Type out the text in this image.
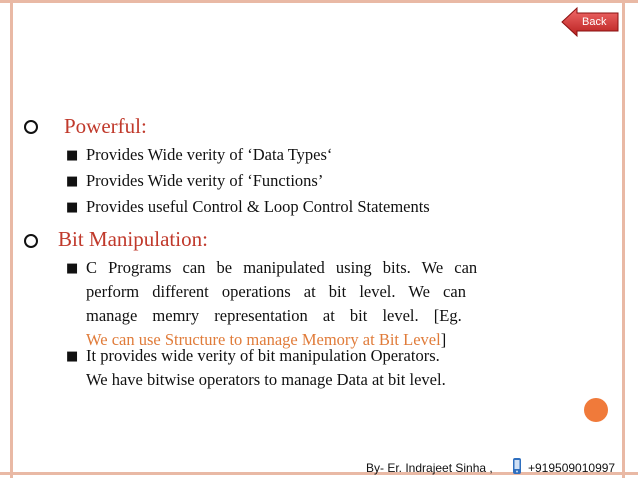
Back
Powerful:
■ Provides Wide verity of ‘Data Types‘
■ Provides Wide verity of ‘Functions’
■ Provides useful Control & Loop Control Statements
Bit Manipulation:
■ C Programs can be manipulated using bits. We can
perform different operations at bit level. We can
manage memry representation at bit level. [Eg.
We can use Structure to manage Memory at Bit Level]
■ It provides wide verity of bit manipulation Operators.
We have bitwise operators to manage Data at bit level.
By- Er. Indrajeet Sinha ,	+919509010997
